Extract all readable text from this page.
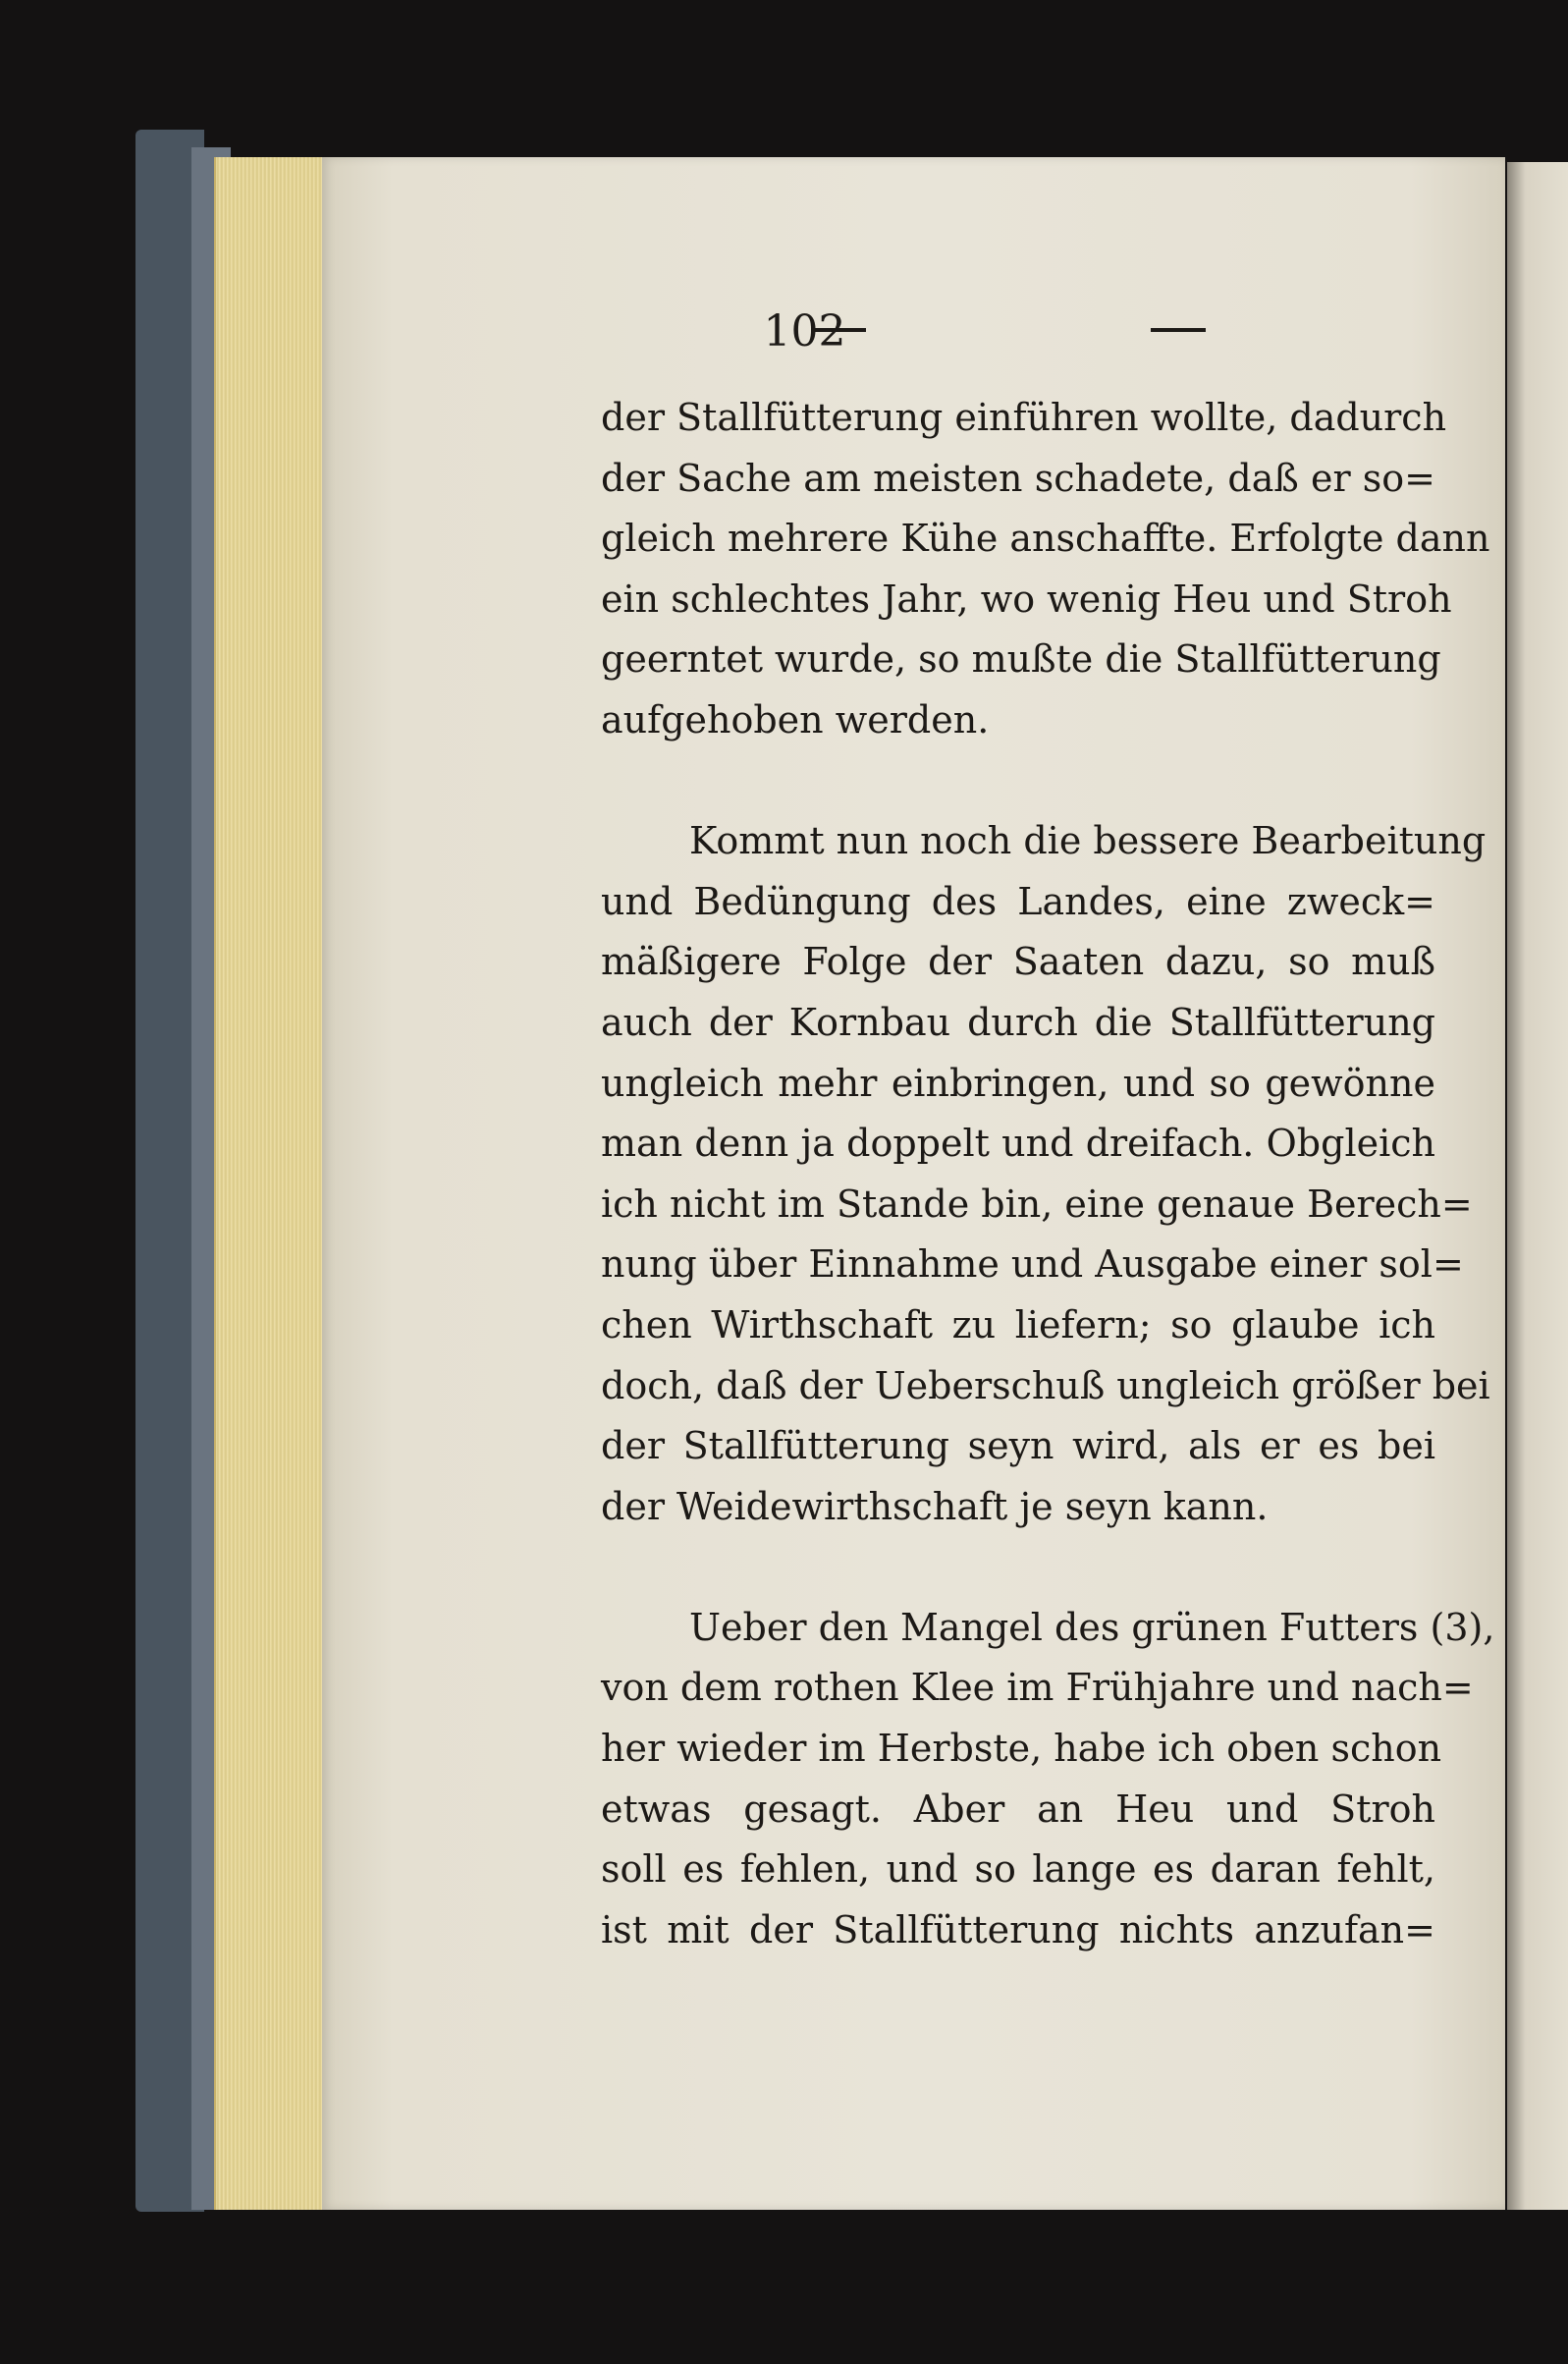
102
der Stallfütterung einführen wollte, dadurch
der Sache am meisten schadete, daß er so=
gleich mehrere Kühe anschaffte. Erfolgte dann
ein schlechtes Jahr, wo wenig Heu und Stroh
geerntet wurde, so mußte die Stallfütterung
aufgehoben werden.
Kommt nun noch die bessere Bearbeitung
und Bedüngung des Landes, eine zweck=
mäßigere Folge der Saaten dazu, so muß
auch der Kornbau durch die Stallfütterung
ungleich mehr einbringen, und so gewönne
man denn ja doppelt und dreifach. Obgleich
ich nicht im Stande bin, eine genaue Berech=
nung über Einnahme und Ausgabe einer sol=
chen Wirthschaft zu liefern; so glaube ich
doch, daß der Ueberschuß ungleich größer bei
der Stallfütterung seyn wird, als er es bei
der Weidewirthschaft je seyn kann.
Ueber den Mangel des grünen Futters (3),
von dem rothen Klee im Frühjahre und nach=
her wieder im Herbste, habe ich oben schon
etwas gesagt. Aber an Heu und Stroh
soll es fehlen, und so lange es daran fehlt,
ist mit der Stallfütterung nichts anzufan=
